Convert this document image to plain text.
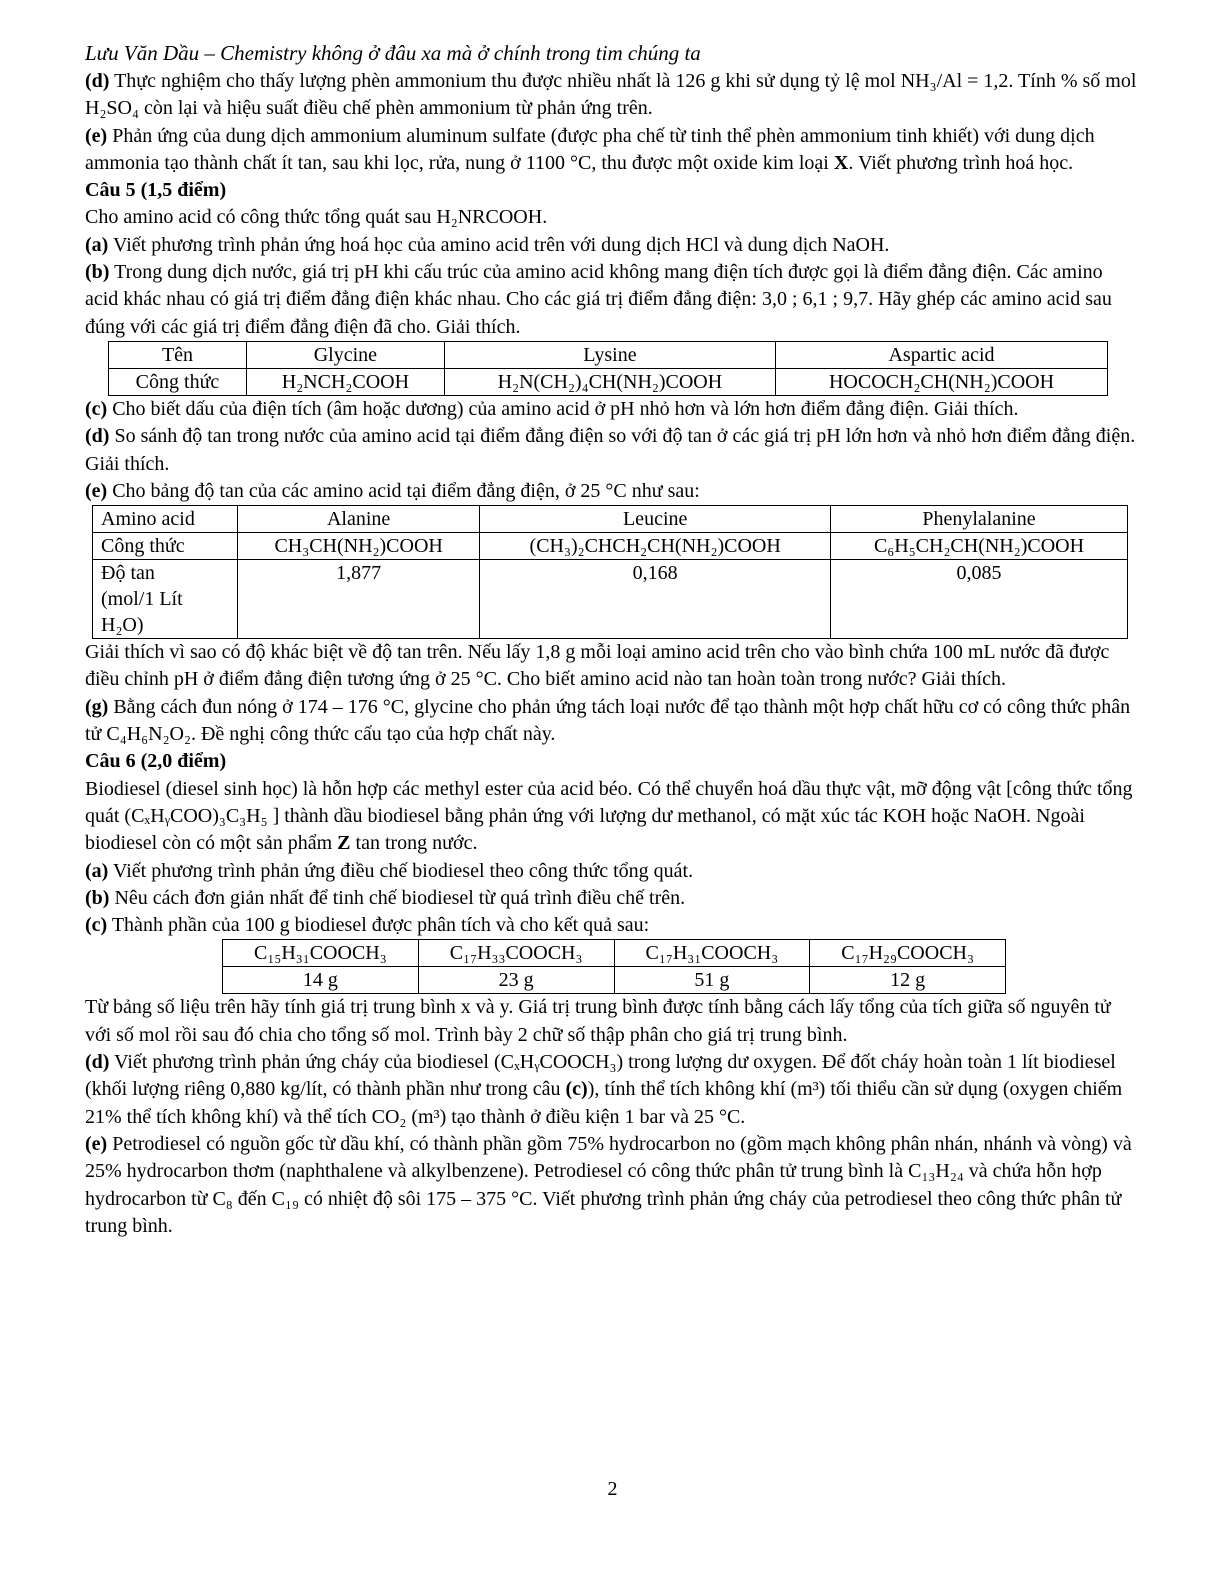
Lưu Văn Dầu – Chemistry không ở đâu xa mà ở chính trong tim chúng ta

(d) Thực nghiệm cho thấy lượng phèn ammonium thu được nhiều nhất là 126 g khi sử dụng tỷ lệ mol NH₃/Al = 1,2. Tính % số mol H₂SO₄ còn lại và hiệu suất điều chế phèn ammonium từ phản ứng trên.

(e) Phản ứng của dung dịch ammonium aluminum sulfate (được pha chế từ tinh thể phèn ammonium tinh khiết) với dung dịch ammonia tạo thành chất ít tan, sau khi lọc, rửa, nung ở 1100 °C, thu được một oxide kim loại X. Viết phương trình hoá học.

Câu 5 (1,5 điểm)

Cho amino acid có công thức tổng quát sau H₂NRCOOH.

(a) Viết phương trình phản ứng hoá học của amino acid trên với dung dịch HCl và dung dịch NaOH.

(b) Trong dung dịch nước, giá trị pH khi cấu trúc của amino acid không mang điện tích được gọi là điểm đẳng điện. Các amino acid khác nhau có giá trị điểm đẳng điện khác nhau. Cho các giá trị điểm đẳng điện: 3,0 ; 6,1 ; 9,7. Hãy ghép các amino acid sau đúng với các giá trị điểm đẳng điện đã cho. Giải thích.

Tên	Glycine	Lysine	Aspartic acid
Công thức	H₂NCH₂COOH	H₂N(CH₂)₄CH(NH₂)COOH	HOCOCH₂CH(NH₂)COOH

(c) Cho biết dấu của điện tích (âm hoặc dương) của amino acid ở pH nhỏ hơn và lớn hơn điểm đẳng điện. Giải thích.

(d) So sánh độ tan trong nước của amino acid tại điểm đẳng điện so với độ tan ở các giá trị pH lớn hơn và nhỏ hơn điểm đẳng điện. Giải thích.

(e) Cho bảng độ tan của các amino acid tại điểm đẳng điện, ở 25 °C như sau:

Amino acid	Alanine	Leucine	Phenylalanine
Công thức	CH₃CH(NH₂)COOH	(CH₃)₂CHCH₂CH(NH₂)COOH	C₆H₅CH₂CH(NH₂)COOH
Độ tan
(mol/1 Lít
H₂O)	1,877	0,168	0,085

Giải thích vì sao có độ khác biệt về độ tan trên. Nếu lấy 1,8 g mỗi loại amino acid trên cho vào bình chứa 100 mL nước đã được điều chỉnh pH ở điểm đẳng điện tương ứng ở 25 °C. Cho biết amino acid nào tan hoàn toàn trong nước? Giải thích.

(g) Bằng cách đun nóng ở 174 – 176 °C, glycine cho phản ứng tách loại nước để tạo thành một hợp chất hữu cơ có công thức phân tử C₄H₆N₂O₂. Đề nghị công thức cấu tạo của hợp chất này.

Câu 6 (2,0 điểm)

Biodiesel (diesel sinh học) là hỗn hợp các methyl ester của acid béo. Có thể chuyển hoá dầu thực vật, mỡ động vật [công thức tổng quát (CₓHᵧCOO)₃C₃H₅ ] thành dầu biodiesel bằng phản ứng với lượng dư methanol, có mặt xúc tác KOH hoặc NaOH. Ngoài biodiesel còn có một sản phẩm Z tan trong nước.

(a) Viết phương trình phản ứng điều chế biodiesel theo công thức tổng quát.

(b) Nêu cách đơn giản nhất để tinh chế biodiesel từ quá trình điều chế trên.

(c) Thành phần của 100 g biodiesel được phân tích và cho kết quả sau:

C₁₅H₃₁COOCH₃	C₁₇H₃₃COOCH₃	C₁₇H₃₁COOCH₃	C₁₇H₂₉COOCH₃
14 g	23 g	51 g	12 g

Từ bảng số liệu trên hãy tính giá trị trung bình x và y. Giá trị trung bình được tính bằng cách lấy tổng của tích giữa số nguyên tử với số mol rồi sau đó chia cho tổng số mol. Trình bày 2 chữ số thập phân cho giá trị trung bình.

(d) Viết phương trình phản ứng cháy của biodiesel (CₓHᵧCOOCH₃) trong lượng dư oxygen. Để đốt cháy hoàn toàn 1 lít biodiesel (khối lượng riêng 0,880 kg/lít, có thành phần như trong câu (c)), tính thể tích không khí (m³) tối thiểu cần sử dụng (oxygen chiếm 21% thể tích không khí) và thể tích CO₂ (m³) tạo thành ở điều kiện 1 bar và 25 °C.

(e) Petrodiesel có nguồn gốc từ dầu khí, có thành phần gồm 75% hydrocarbon no (gồm mạch không phân nhán, nhánh và vòng) và 25% hydrocarbon thơm (naphthalene và alkylbenzene). Petrodiesel có công thức phân tử trung bình là C₁₃H₂₄ và chứa hỗn hợp hydrocarbon từ C₈ đến C₁₉ có nhiệt độ sôi 175 – 375 °C. Viết phương trình phản ứng cháy của petrodiesel theo công thức phân tử trung bình.

2
